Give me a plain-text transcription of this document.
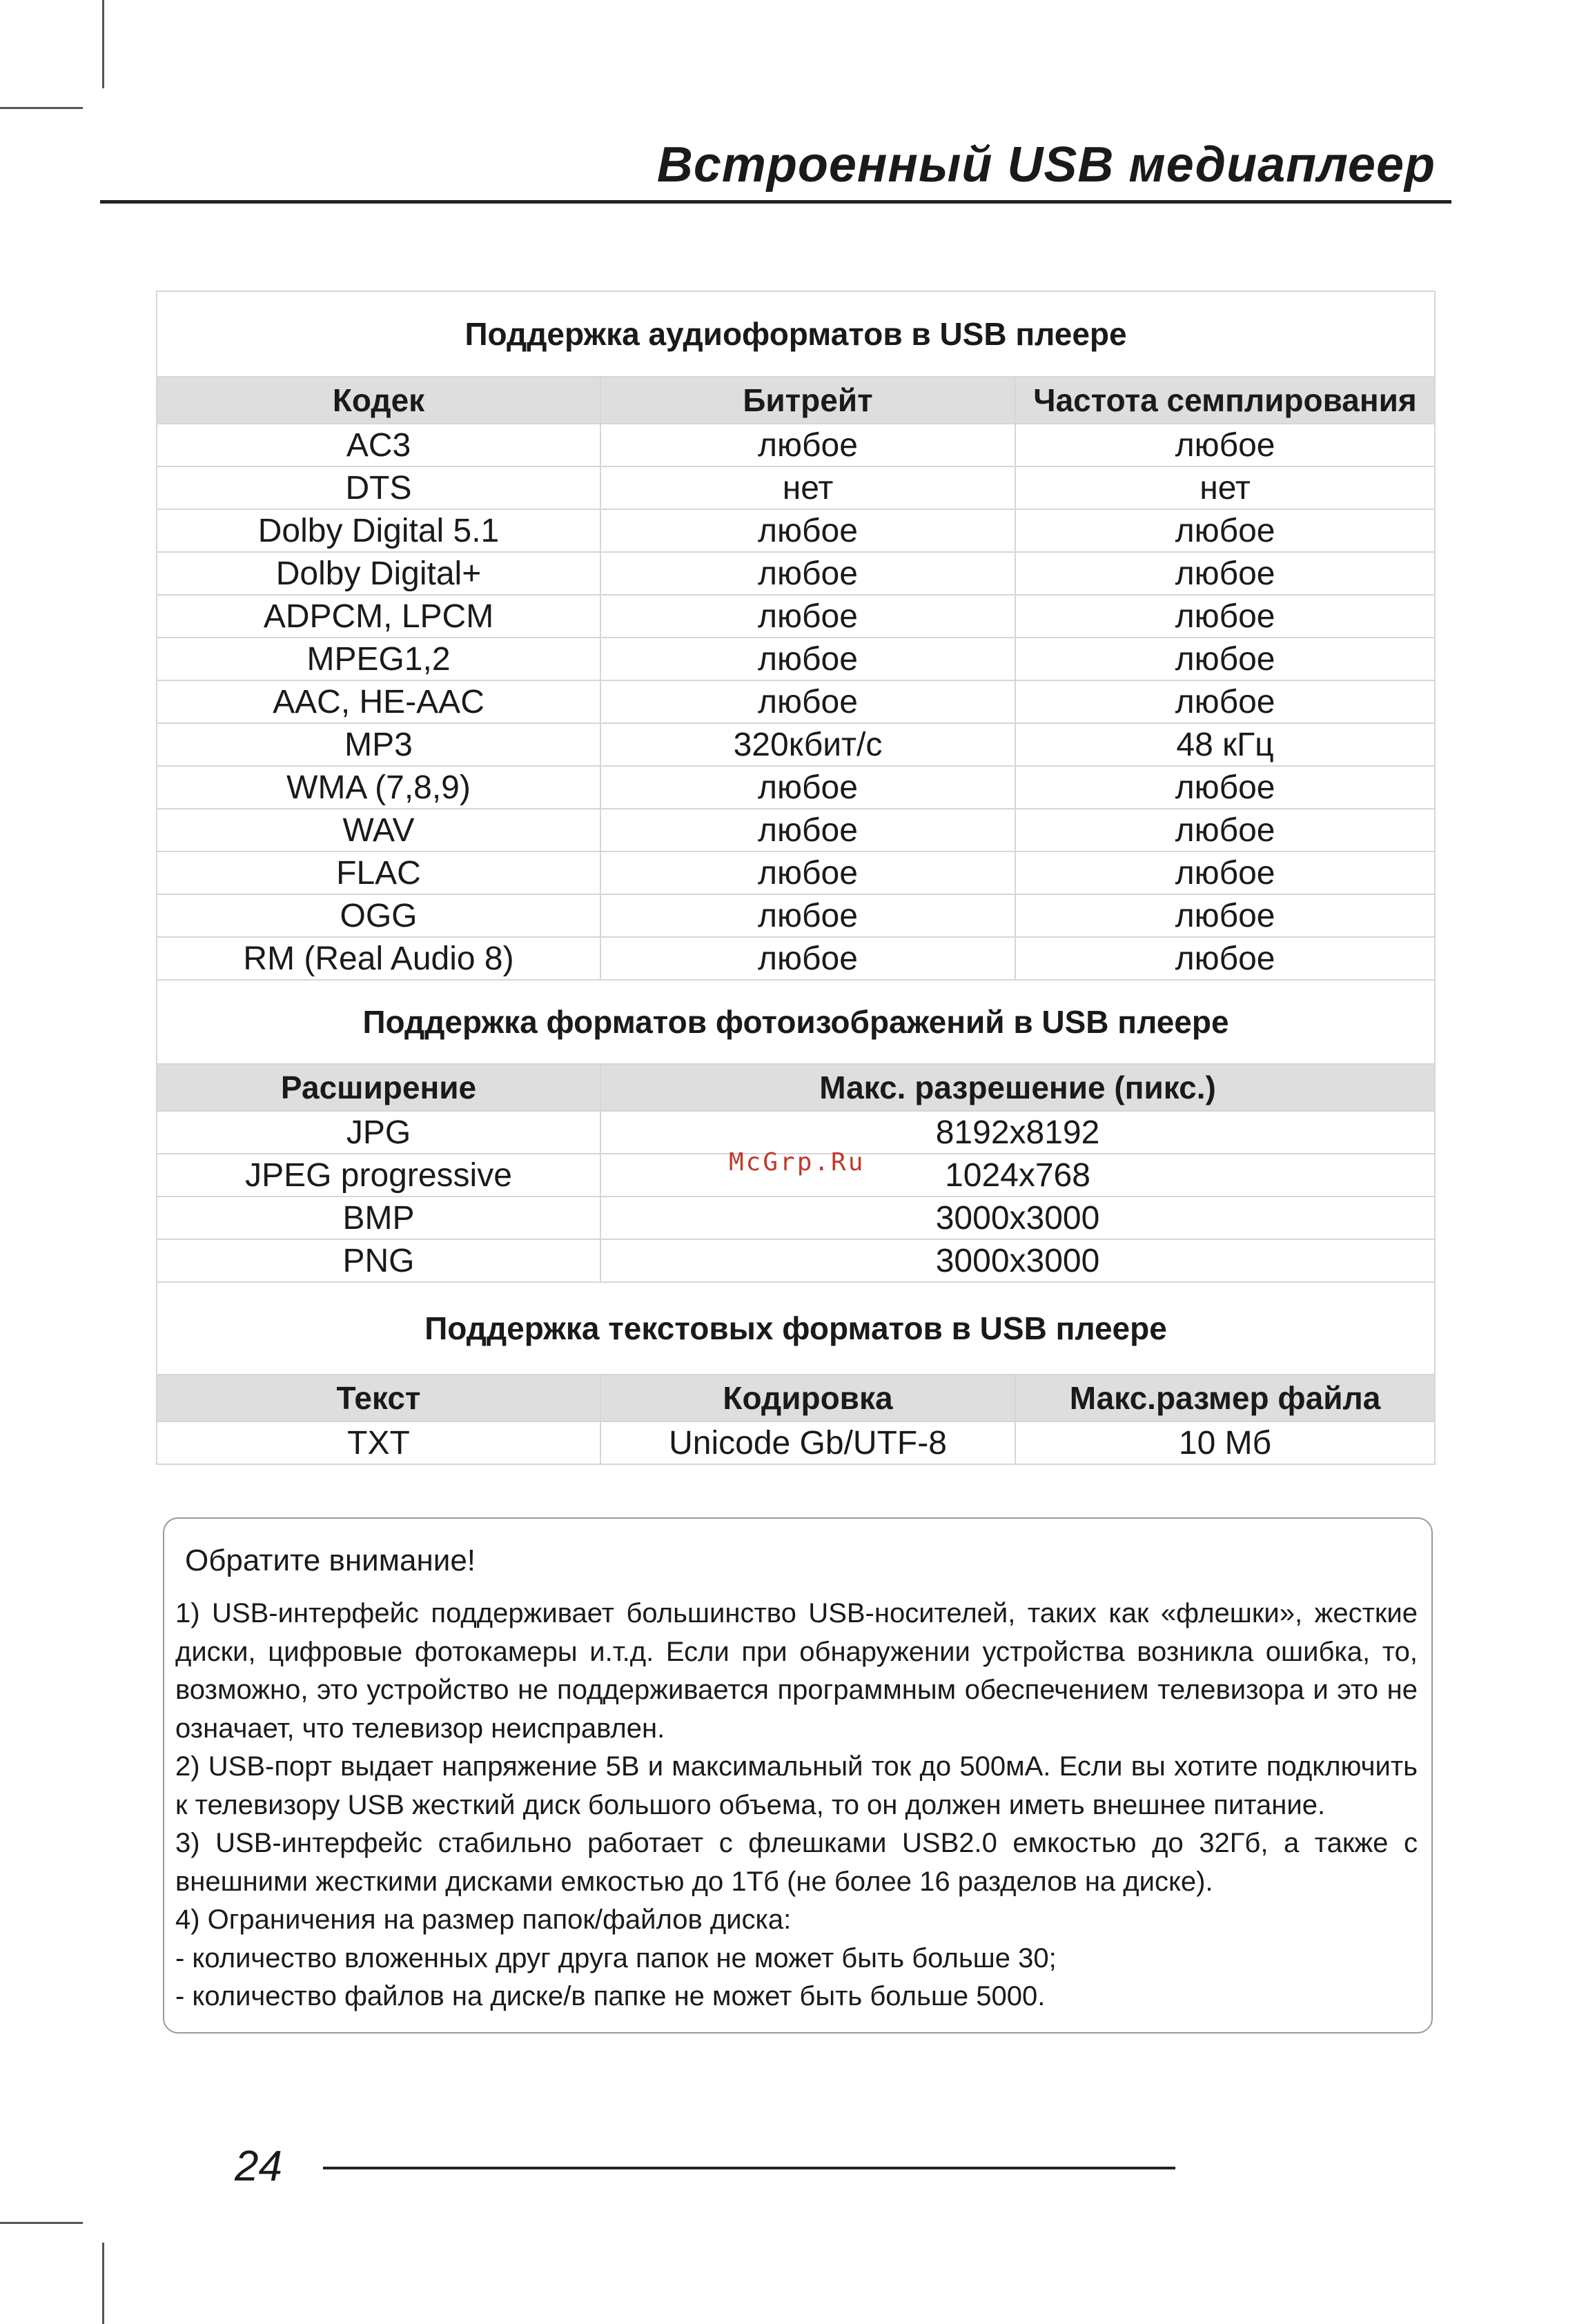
Встроенный USB медиаплеер
Поддержка аудиоформатов в USB плеере		
Кодек	Битрейт	Частота семплирования
AC3	любое	любое
DTS	нет	нет
Dolby Digital 5.1	любое	любое
Dolby Digital+	любое	любое
ADPCM, LPCM	любое	любое
MPEG1,2	любое	любое
AAC, HE-AAC	любое	любое
MP3	320кбит/с	48 кГц
WMA (7,8,9)	любое	любое
WAV	любое	любое
FLAC	любое	любое
OGG	любое	любое
RM (Real Audio 8)	любое	любое
Поддержка форматов фотоизображений в USB плеере		
Расширение	Макс. разрешение (пикс.)	
JPG	8192x8192	
JPEG progressive	1024x768	
BMP	3000x3000	
PNG	3000x3000	
Поддержка текстовых форматов в USB плеере		
Текст	Кодировка	Макс.размер файла
TXT	Unicode Gb/UTF-8	10 Мб
McGrp.Ru
Обратите внимание!

1) USB-интерфейс поддерживает большинство USB-носителей, таких как «флешки», жесткие диски, цифровые фотокамеры и.т.д. Если при обнаружении устройства возникла ошибка, то, возможно, это устройство не поддерживается программным обеспечением телевизора и это не означает, что телевизор неисправлен.

2) USB-порт выдает напряжение 5В и максимальный ток до 500мА. Если вы хотите подключить к телевизору USB жесткий диск большого объема, то он должен иметь внешнее питание.

3) USB-интерфейс стабильно работает с флешками USB2.0 емкостью до 32Гб, а также с внешними жесткими дисками емкостью до 1Тб (не более 16 разделов на диске).

4) Ограничения на размер папок/файлов диска:

- количество вложенных друг друга папок не может быть больше 30;

- количество файлов на диске/в папке не может быть больше 5000.

24
